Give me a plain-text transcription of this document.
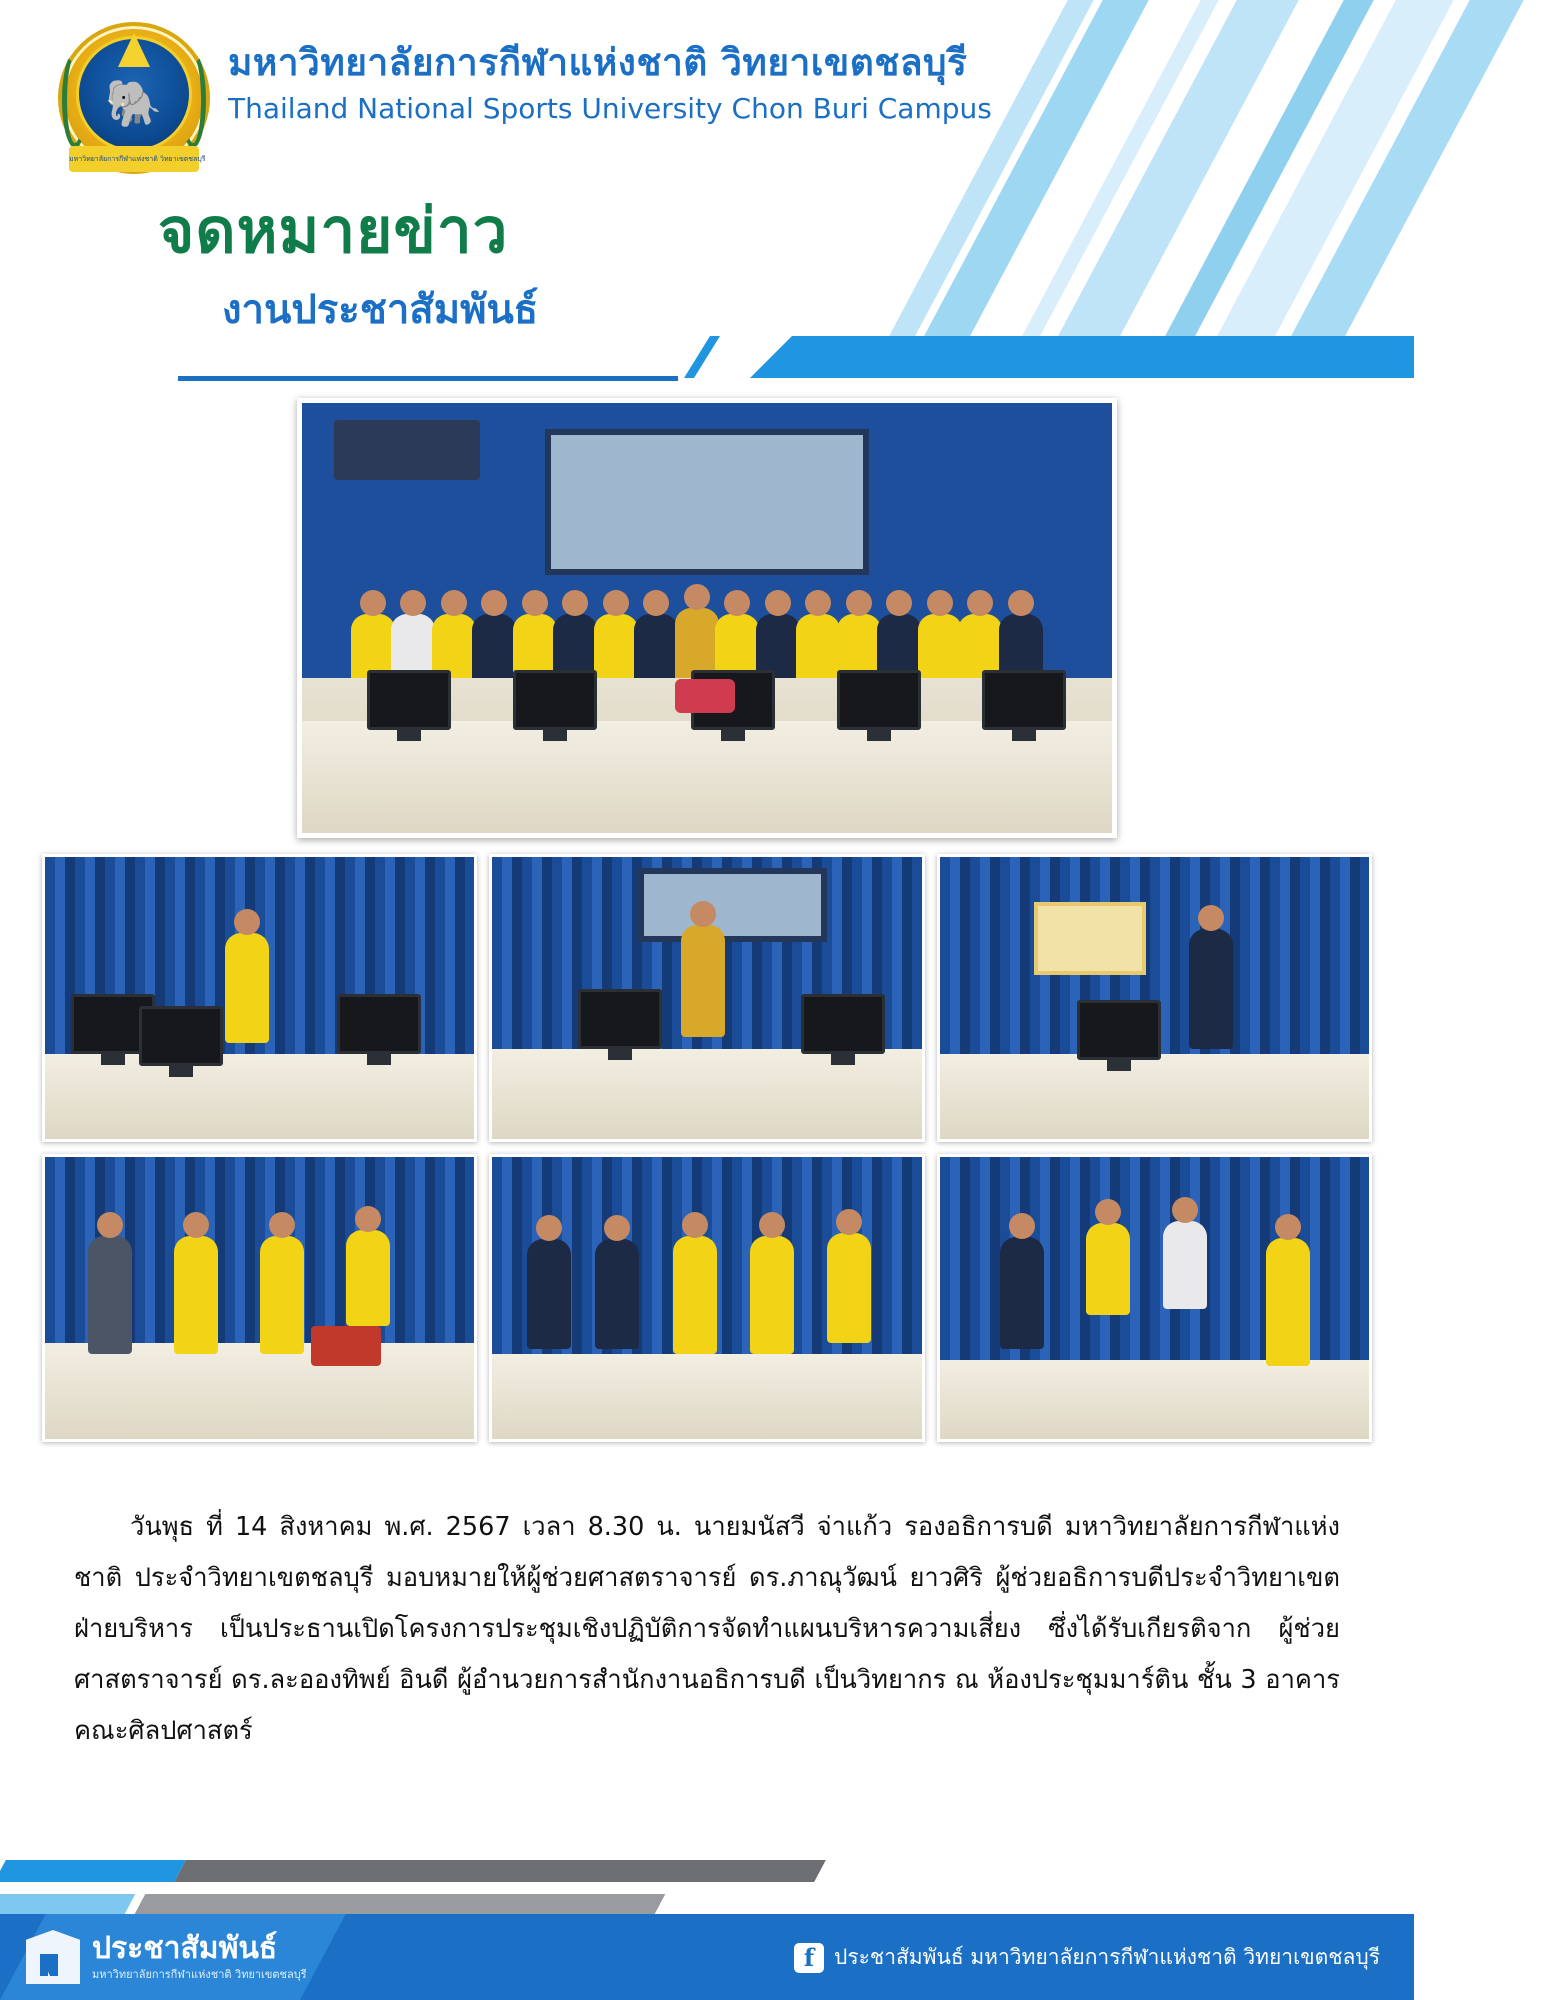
🐘
มหาวิทยาลัยการกีฬาแห่งชาติ วิทยาเขตชลบุรี
มหาวิทยาลัยการกีฬาแห่งชาติ วิทยาเขตชลบุรี
Thailand National Sports University Chon Buri Campus
จดหมายข่าว
งานประชาสัมพันธ์

วันพุธ ที่ 14 สิงหาคม พ.ศ. 2567 เวลา 8.30 น. นายมนัสวี จ่าแก้ว รองอธิการบดี มหาวิทยาลัยการกีฬาแห่งชาติ ประจำวิทยาเขตชลบุรี มอบหมายให้ผู้ช่วยศาสตราจารย์ ดร.ภาณุวัฒน์ ยาวศิริ ผู้ช่วยอธิการบดีประจำวิทยาเขต ฝ่ายบริหาร เป็นประธานเปิดโครงการประชุมเชิงปฏิบัติการจัดทำแผนบริหารความเสี่ยง ซึ่งได้รับเกียรติจาก ผู้ช่วยศาสตราจารย์ ดร.ละอองทิพย์ อินดี ผู้อำนวยการสำนักงานอธิการบดี เป็นวิทยากร ณ ห้องประชุมมาร์ติน ชั้น 3 อาคารคณะศิลปศาสตร์

ประชาสัมพันธ์
มหาวิทยาลัยการกีฬาแห่งชาติ วิทยาเขตชลบุรี
f ประชาสัมพันธ์ มหาวิทยาลัยการกีฬาแห่งชาติ วิทยาเขตชลบุรี
